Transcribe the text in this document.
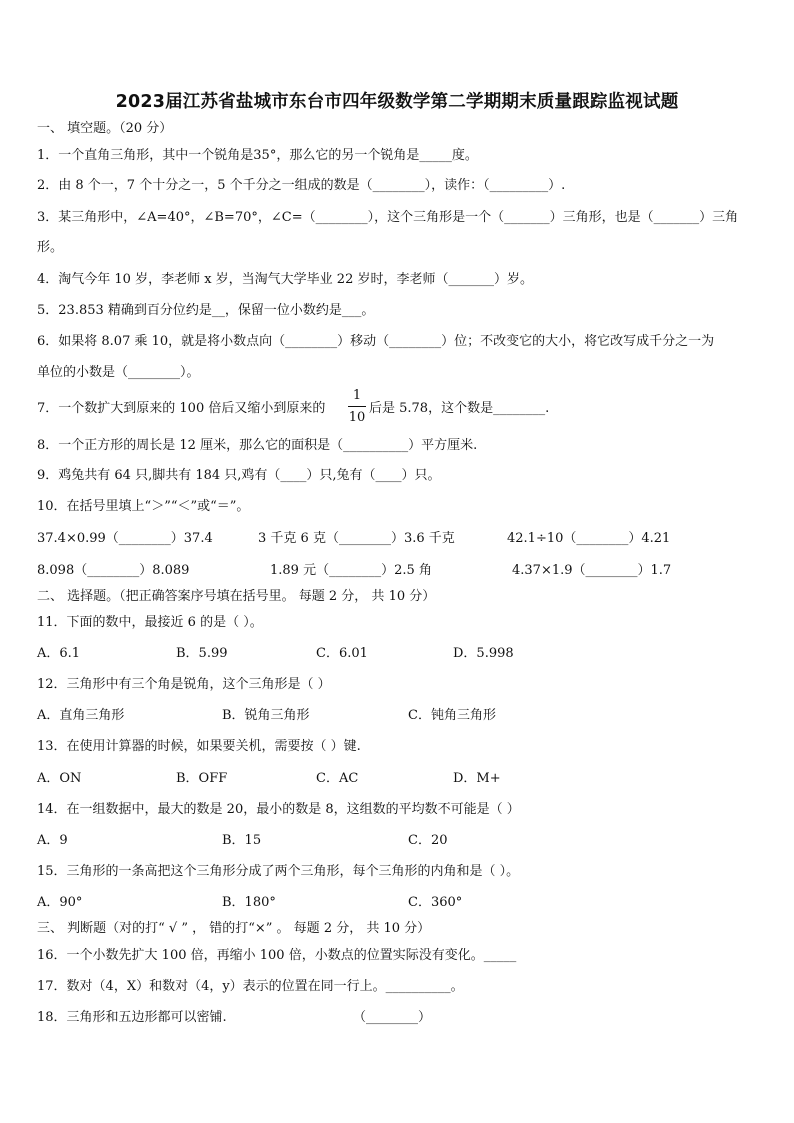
2023届江苏省盐城市东台市四年级数学第二学期期末质量跟踪监视试题
一、 填空题。（20 分）
1．一个直角三角形，其中一个锐角是35°，那么它的另一个锐角是_____度。
2．由 8 个一，7 个十分之一，5 个千分之一组成的数是（________），读作：（_________）.
3．某三角形中，∠A=40°，∠B=70°，∠C=（________），这个三角形是一个（_______）三角形，也是（_______）三角
形。
4．淘气今年 10 岁，李老师 x 岁，当淘气大学毕业 22 岁时，李老师（_______）岁。
5．23.853 精确到百分位约是__，保留一位小数约是___。
6．如果将 8.07 乘 10，就是将小数点向（________）移动（________）位；不改变它的大小，将它改写成千分之一为
单位的小数是（________）。
7．一个数扩大到原来的 100 倍后又缩小到原来的
1
10
后是 5.78，这个数是________.
8．一个正方形的周长是 12 厘米，那么它的面积是（__________）平方厘米.
9．鸡兔共有 64 只,脚共有 184 只,鸡有（____）只,兔有（____）只。
10．在括号里填上“＞”“＜”或“＝”。
37.4×0.99（________）37.4	3 千克 6 克（________）3.6 千克	42.1÷10（________）4.21
8.098（________）8.089	1.89 元（________）2.5 角	4.37×1.9（________）1.7
二、 选择题。（把正确答案序号填在括号里。 每题 2 分， 共 10 分）
11．下面的数中，最接近 6 的是（ ）。
A．6.1	B．5.99	C．6.01	D．5.998
12．三角形中有三个角是锐角，这个三角形是（ ）
A．直角三角形	B．锐角三角形	C．钝角三角形
13．在使用计算器的时候，如果要关机，需要按（ ）键.
A．ON	B．OFF	C．AC	D．M+
14．在一组数据中，最大的数是 20，最小的数是 8，这组数的平均数不可能是（ ）
A．9	B．15	C．20
15．三角形的一条高把这个三角形分成了两个三角形，每个三角形的内角和是（ ）。
A．90°	B．180°	C．360°
三、 判断题（对的打“ √ ” ， 错的打“×” 。 每题 2 分， 共 10 分）
16．一个小数先扩大 100 倍，再缩小 100 倍，小数点的位置实际没有变化。_____
17．数对（4，X）和数对（4，y）表示的位置在同一行上。__________。
18．三角形和五边形都可以密铺.	（________）
